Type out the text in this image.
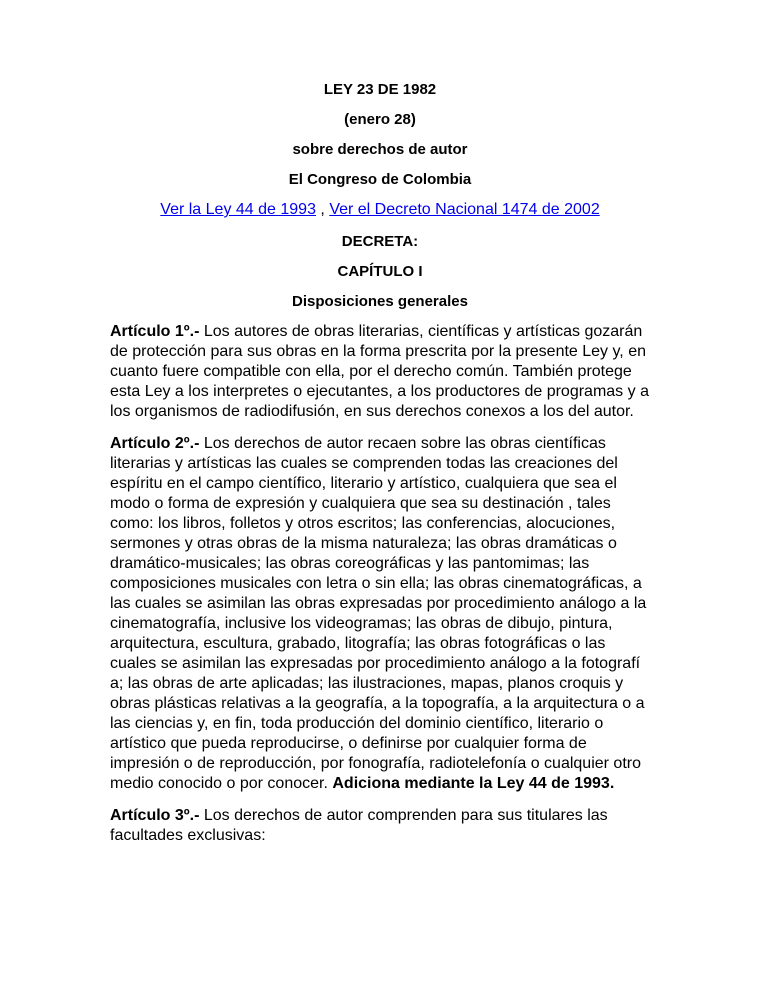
LEY 23 DE 1982

(enero 28)

sobre derechos de autor

El Congreso de Colombia

Ver la Ley 44 de 1993 , Ver el Decreto Nacional 1474 de 2002

DECRETA:

CAPÍTULO I

Disposiciones generales

Artículo 1º.- Los autores de obras literarias, científicas y artísticas gozarán de protección para sus obras en la forma prescrita por la presente Ley y, en cuanto fuere compatible con ella, por el derecho común. También protege esta Ley a los interpretes o ejecutantes, a los productores de programas y a los organismos de radiodifusión, en sus derechos conexos a los del autor.

Artículo 2º.- Los derechos de autor recaen sobre las obras científicas literarias y artísticas las cuales se comprenden todas las creaciones del espíritu en el campo científico, literario y artístico, cualquiera que sea el modo o forma de expresión y cualquiera que sea su destinación , tales como: los libros, folletos y otros escritos; las conferencias, alocuciones, sermones y otras obras de la misma naturaleza; las obras dramáticas o dramático-musicales; las obras coreográficas y las pantomimas; las composiciones musicales con letra o sin ella; las obras cinematográficas, a las cuales se asimilan las obras expresadas por procedimiento análogo a la cinematografía, inclusive los videogramas; las obras de dibujo, pintura, arquitectura, escultura, grabado, litografía; las obras fotográficas o las cuales se asimilan las expresadas por procedimiento análogo a la fotografí a; las obras de arte aplicadas; las ilustraciones, mapas, planos croquis y obras plásticas relativas a la geografía, a la topografía, a la arquitectura o a las ciencias y, en fin, toda producción del dominio científico, literario o artístico que pueda reproducirse, o definirse por cualquier forma de impresión o de reproducción, por fonografía, radiotelefonía o cualquier otro medio conocido o por conocer. Adiciona mediante la Ley 44 de 1993.

Artículo 3º.- Los derechos de autor comprenden para sus titulares las facultades exclusivas:
